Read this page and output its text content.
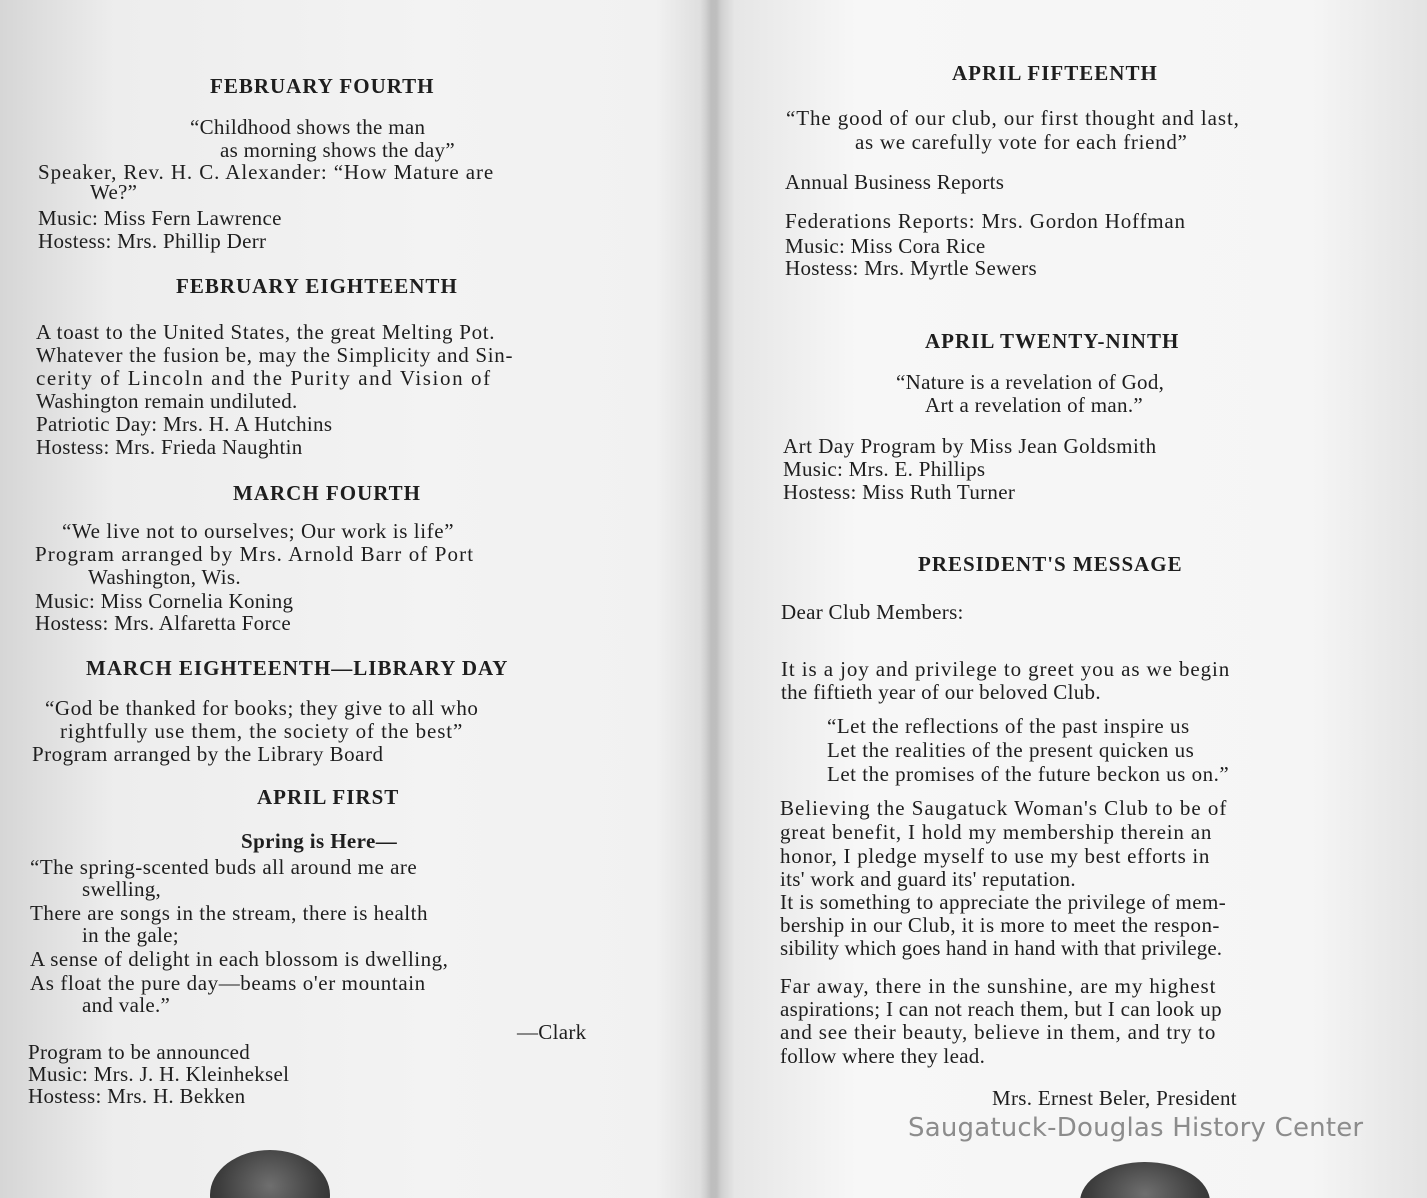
FEBRUARY FOURTH
“Childhood shows the man
as morning shows the day”
Speaker, Rev. H. C. Alexander: “How Mature are
We?”
Music: Miss Fern Lawrence
Hostess: Mrs. Phillip Derr
FEBRUARY EIGHTEENTH
A toast to the United States, the great Melting Pot.
Whatever the fusion be, may the Simplicity and Sin-
cerity of Lincoln and the Purity and Vision of
Washington remain undiluted.
Patriotic Day: Mrs. H. A Hutchins
Hostess: Mrs. Frieda Naughtin
MARCH FOURTH
“We live not to ourselves; Our work is life”
Program arranged by Mrs. Arnold Barr of Port
Washington, Wis.
Music: Miss Cornelia Koning
Hostess: Mrs. Alfaretta Force
MARCH EIGHTEENTH—LIBRARY DAY
“God be thanked for books; they give to all who
rightfully use them, the society of the best”
Program arranged by the Library Board
APRIL FIRST
Spring is Here—
“The spring-scented buds all around me are
swelling,
There are songs in the stream, there is health
in the gale;
A sense of delight in each blossom is dwelling,
As float the pure day—beams o'er mountain
and vale.”
—Clark
Program to be announced
Music: Mrs. J. H. Kleinheksel
Hostess: Mrs. H. Bekken
APRIL FIFTEENTH
“The good of our club, our first thought and last,
as we carefully vote for each friend”
Annual Business Reports
Federations Reports: Mrs. Gordon Hoffman
Music: Miss Cora Rice
Hostess: Mrs. Myrtle Sewers
APRIL TWENTY-NINTH
“Nature is a revelation of God,
Art a revelation of man.”
Art Day Program by Miss Jean Goldsmith
Music: Mrs. E. Phillips
Hostess: Miss Ruth Turner
PRESIDENT'S MESSAGE
Dear Club Members:
It is a joy and privilege to greet you as we begin
the fiftieth year of our beloved Club.
“Let the reflections of the past inspire us
Let the realities of the present quicken us
Let the promises of the future beckon us on.”
Believing the Saugatuck Woman's Club to be of
great benefit, I hold my membership therein an
honor, I pledge myself to use my best efforts in
its' work and guard its' reputation.
It is something to appreciate the privilege of mem-
bership in our Club, it is more to meet the respon-
sibility which goes hand in hand with that privilege.
Far away, there in the sunshine, are my highest
aspirations; I can not reach them, but I can look up
and see their beauty, believe in them, and try to
follow where they lead.
Mrs. Ernest Beler, President
Saugatuck-Douglas History Center
